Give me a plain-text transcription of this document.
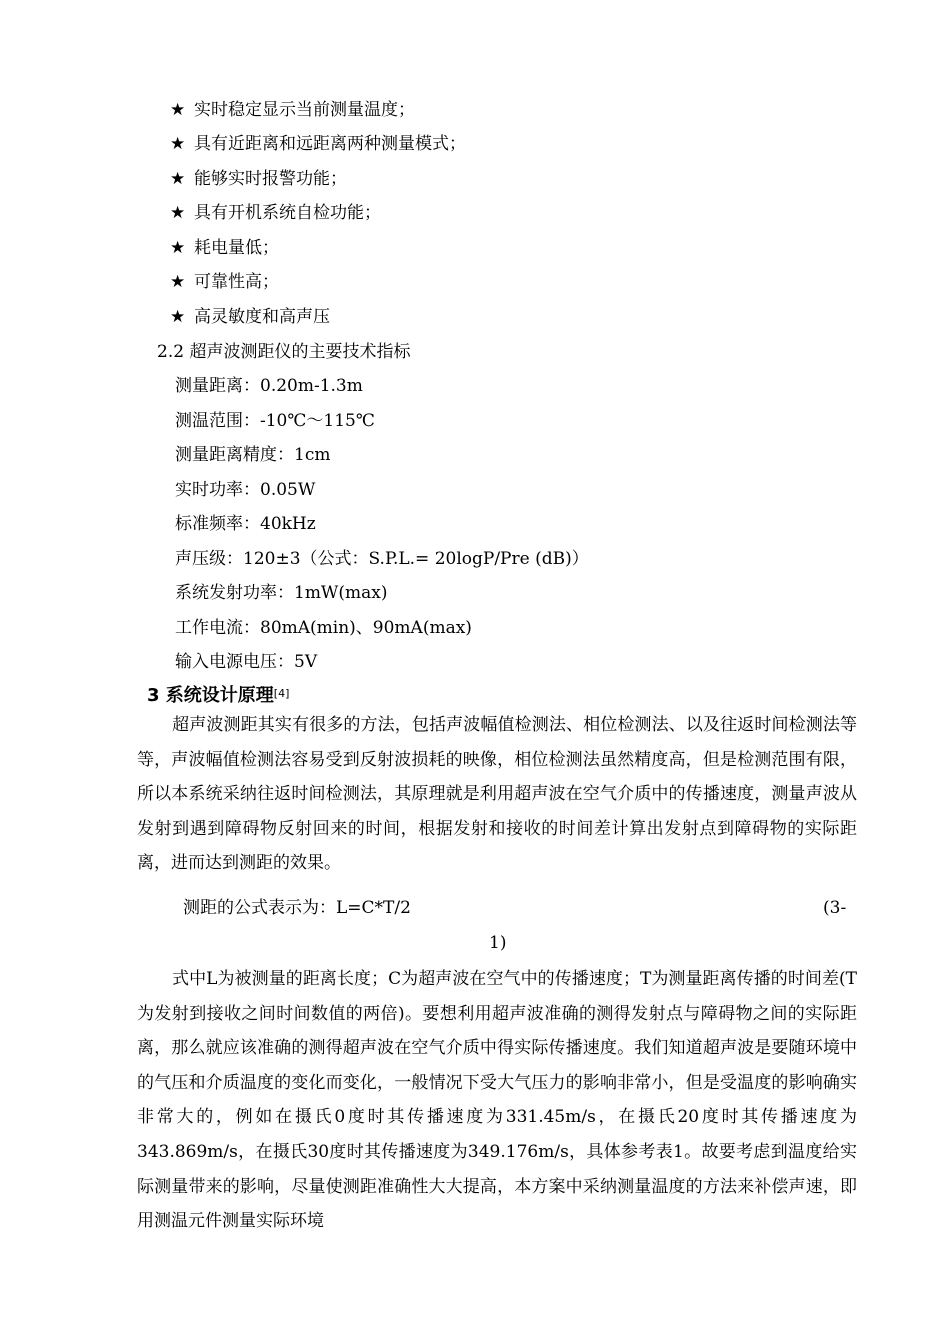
★ 实时稳定显示当前测量温度；
★ 具有近距离和远距离两种测量模式；
★ 能够实时报警功能；
★ 具有开机系统自检功能；
★ 耗电量低；
★ 可靠性高；
★ 高灵敏度和高声压
2.2 超声波测距仪的主要技术指标
测量距离：0.20m-1.3m
测温范围：-10℃～115℃
测量距离精度：1cm
实时功率：0.05W
标准频率：40kHz
声压级：120±3（公式：S.P.L.= 20logP/Pre (dB)）
系统发射功率：1mW(max)
工作电流：80mA(min)、90mA(max)
输入电源电压：5V
3 系统设计原理[4]
超声波测距其实有很多的方法，包括声波幅值检测法、相位检测法、以及往返时间检测法等等，声波幅值检测法容易受到反射波损耗的映像，相位检测法虽然精度高，但是检测范围有限，所以本系统采纳往返时间检测法，其原理就是利用超声波在空气介质中的传播速度，测量声波从发射到遇到障碍物反射回来的时间，根据发射和接收的时间差计算出发射点到障碍物的实际距离，进而达到测距的效果。
测距的公式表示为：L=C*T/2	(3-
1)
式中L为被测量的距离长度；C为超声波在空气中的传播速度；T为测量距离传播的时间差(T为发射到接收之间时间数值的两倍)。要想利用超声波准确的测得发射点与障碍物之间的实际距离，那么就应该准确的测得超声波在空气介质中得实际传播速度。我们知道超声波是要随环境中的气压和介质温度的变化而变化，一般情况下受大气压力的影响非常小，但是受温度的影响确实非常大的，例如在摄氏0度时其传播速度为331.45m/s，在摄氏20度时其传播速度为343.869m/s，在摄氏30度时其传播速度为349.176m/s，具体参考表1。故要考虑到温度给实际测量带来的影响，尽量使测距准确性大大提高，本方案中采纳测量温度的方法来补偿声速，即用测温元件测量实际环境
